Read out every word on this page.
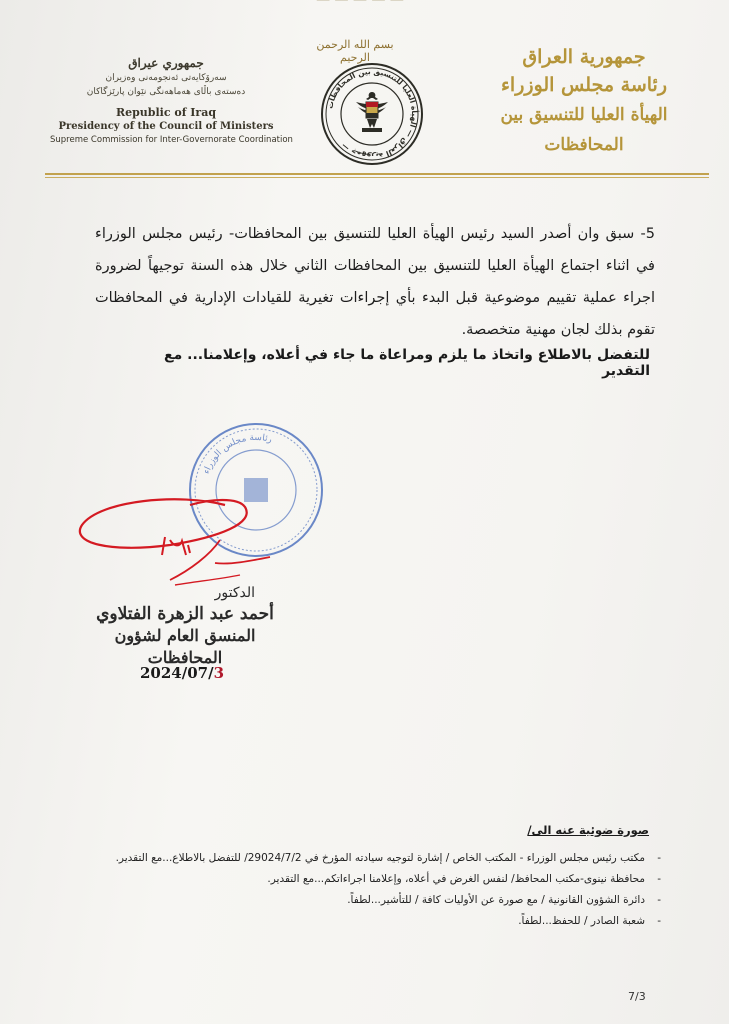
— — — — —
جمهورية العراق
رئاسة مجلس الوزراء
الهيأة العليا للتنسيق بين المحافظات
بسم الله الرحمن الرحيم
جمهورية العراق — الهيأة العليا للتنسيق بين المحافظات —
جمهوري عيراق
سەرۆكایەتی ئەنجومەنی وەزیران
دەستەی باڵای هەماهەنگی نێوان پارێزگاكان
Republic of Iraq
Presidency of the Council of Ministers
Supreme Commission for Inter-Governorate Coordination
5- سبق وان أصدر السيد رئيس الهيأة العليا للتنسيق بين المحافظات- رئيس مجلس الوزراء في اثناء اجتماع الهيأة العليا للتنسيق بين المحافظات الثاني خلال هذه السنة توجيهاً لضرورة اجراء عملية تقييم موضوعية قبل البدء بأي إجراءات تغيرية للقيادات الإدارية في المحافظات تقوم بذلك لجان مهنية متخصصة.
للتفضل بالاطلاع واتخاذ ما يلزم ومراعاة ما جاء في أعلاه، وإعلامنا... مع التقدير
رئاسة مجلس الوزراء
الدكتور
أحمد عبد الزهرة الفتلاوي
المنسق العام لشؤون المحافظات
2024/07/3
صورة ضوئية عنه الى/
- مكتب رئيس مجلس الوزراء - المكتب الخاص / إشارة لتوجيه سيادته المؤرخ في 29024/7/2/ للتفضل بالاطلاع...مع التقدير.
- محافظة نينوى-مكتب المحافظ/ لنفس الغرض في أعلاه، وإعلامنا اجراءاتكم...مع التقدير.
- دائرة الشؤون القانونية / مع صورة عن الأوليات كافة / للتأشير...لطفاً.
- شعبة الصادر / للحفظ...لطفاً.
7/3
